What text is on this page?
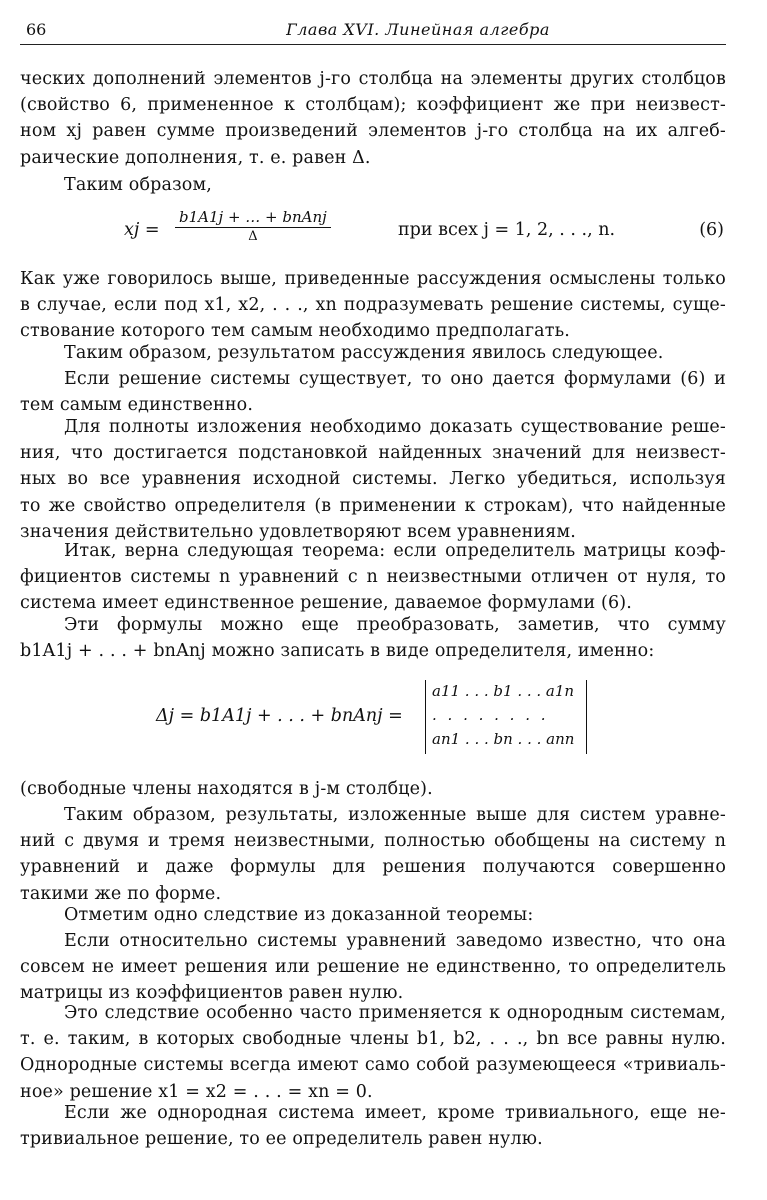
66	Глава XVI. Линейная алгебра
ческих дополнений элементов j-го столбца на элементы других столбцов
(свойство 6, примененное к столбцам); коэффициент же при неизвест-
ном xj равен сумме произведений элементов j-го столбца на их алгеб-
раические дополнения, т. е. равен Δ.
Таким образом,
xj =
b1A1j + … + bnAnj
Δ	при всех j = 1, 2, . . ., n.	(6)
Как уже говорилось выше, приведенные рассуждения осмыслены только
в случае, если под x1, x2, . . ., xn подразумевать решение системы, суще-
ствование которого тем самым необходимо предполагать.
Таким образом, результатом рассуждения явилось следующее.
Если решение системы существует, то оно дается формулами (6) и
тем самым единственно.
Для полноты изложения необходимо доказать существование реше-
ния, что достигается подстановкой найденных значений для неизвест-
ных во все уравнения исходной системы. Легко убедиться, используя
то же свойство определителя (в применении к строкам), что найденные
значения действительно удовлетворяют всем уравнениям.
Итак, верна следующая теорема: если определитель матрицы коэф-
фициентов системы n уравнений с n неизвестными отличен от нуля, то
система имеет единственное решение, даваемое формулами (6).
Эти формулы можно еще преобразовать, заметив, что сумму
b1A1j + . . . + bnAnj можно записать в виде определителя, именно:
Δj = b1A1j + . . . + bnAnj =
a11 . . . b1 . . . a1n
. . . . . . . .
an1 . . . bn . . . ann
(свободные члены находятся в j-м столбце).
Таким образом, результаты, изложенные выше для систем уравне-
ний с двумя и тремя неизвестными, полностью обобщены на систему n
уравнений и даже формулы для решения получаются совершенно
такими же по форме.
Отметим одно следствие из доказанной теоремы:
Если относительно системы уравнений заведомо известно, что она
совсем не имеет решения или решение не единственно, то определитель
матрицы из коэффициентов равен нулю.
Это следствие особенно часто применяется к однородным системам,
т. е. таким, в которых свободные члены b1, b2, . . ., bn все равны нулю.
Однородные системы всегда имеют само собой разумеющееся «тривиаль-
ное» решение x1 = x2 = . . . = xn = 0.
Если же однородная система имеет, кроме тривиального, еще не-
тривиальное решение, то ее определитель равен нулю.
